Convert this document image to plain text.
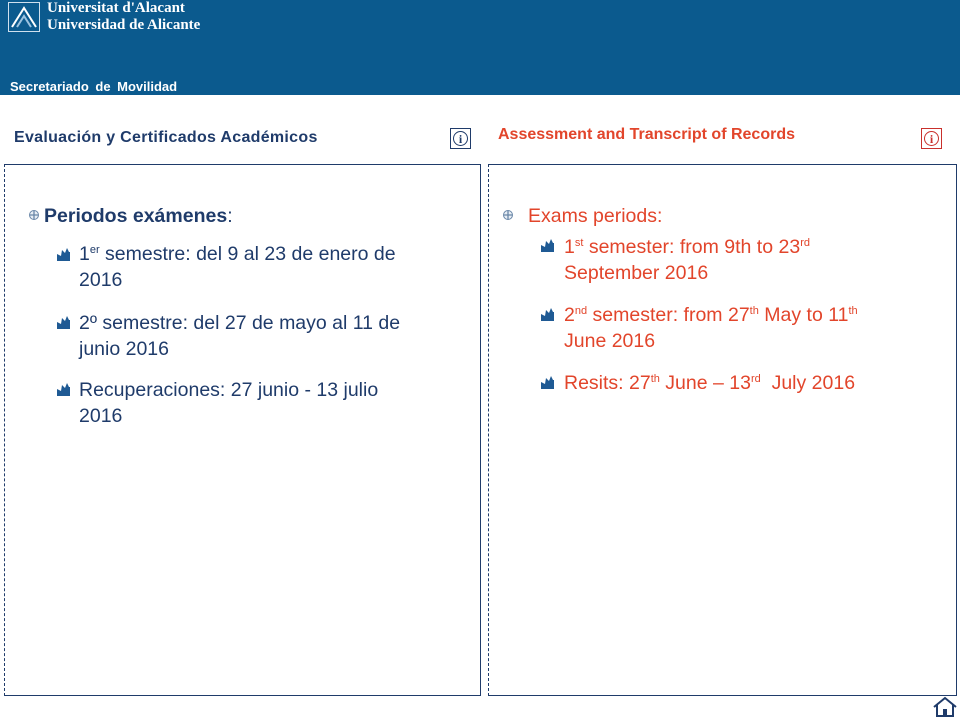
Universitat d'Alacant
Universidad de Alicante
Secretariado de Movilidad
Evaluación y Certificados Académicos	i	Assessment and Transcript of Records	i
Periodos exámenes:
1er semestre: del 9 al 23 de enero de
2016
2º semestre: del 27 de mayo al 11 de
junio 2016
Recuperaciones: 27 junio - 13 julio
2016
Exams periods:
1st semester: from 9th to 23rd
September 2016
2nd semester: from 27th May to 11th
June 2016
Resits: 27th June – 13rd  July 2016
